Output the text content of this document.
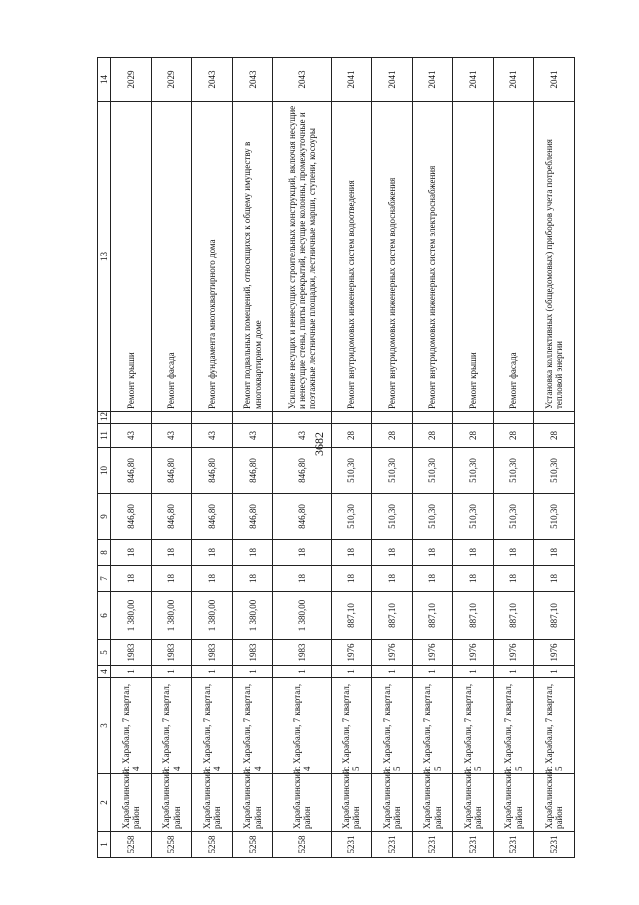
3682
1	2	3	4	5	6	7	8	9	10	11	12	13	14
5258	Харабалинский район	г. Харабали, 7 квартал, 4	1	1983	1 380,00	18	18	846,80	846,80	43		Ремонт крыши	2029
5258	Харабалинский район	г. Харабали, 7 квартал, 4	1	1983	1 380,00	18	18	846,80	846,80	43		Ремонт фасада	2029
5258	Харабалинский район	г. Харабали, 7 квартал, 4	1	1983	1 380,00	18	18	846,80	846,80	43		Ремонт фундамента многоквартирного дома	2043
5258	Харабалинский район	г. Харабали, 7 квартал, 4	1	1983	1 380,00	18	18	846,80	846,80	43		Ремонт подвальных помещений, относящихся к общему имуществу в многоквартирном доме	2043
5258	Харабалинский район	г. Харабали, 7 квартал, 4	1	1983	1 380,00	18	18	846,80	846,80	43		Усиление несущих и ненесущих строительных конструкций, включая несущие и ненесущие стены, плиты перекрытий, несущие колонны, промежуточные и поэтажные лестничные площадки, лестничные марши, ступени, косоуры	2043
5231	Харабалинский район	г. Харабали, 7 квартал, 5	1	1976	887,10	18	18	510,30	510,30	28		Ремонт внутридомовых инженерных систем водоотведения	2041
5231	Харабалинский район	г. Харабали, 7 квартал, 5	1	1976	887,10	18	18	510,30	510,30	28		Ремонт внутридомовых инженерных систем водоснабжения	2041
5231	Харабалинский район	г. Харабали, 7 квартал, 5	1	1976	887,10	18	18	510,30	510,30	28		Ремонт внутридомовых инженерных систем электроснабжения	2041
5231	Харабалинский район	г. Харабали, 7 квартал, 5	1	1976	887,10	18	18	510,30	510,30	28		Ремонт крыши	2041
5231	Харабалинский район	г. Харабали, 7 квартал, 5	1	1976	887,10	18	18	510,30	510,30	28		Ремонт фасада	2041
5231	Харабалинский район	г. Харабали, 7 квартал, 5	1	1976	887,10	18	18	510,30	510,30	28		Установка коллективных (общедомовых) приборов учета потребления тепловой энергии	2041
